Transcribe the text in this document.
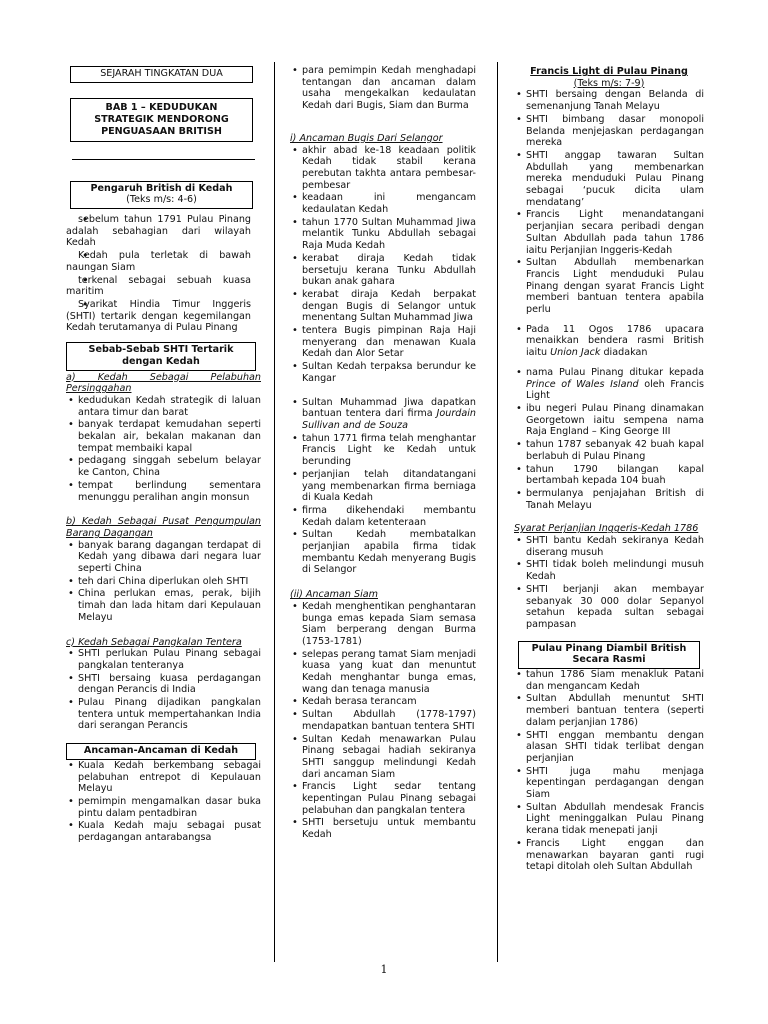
SEJARAH TINGKATAN DUA
BAB 1 – KEDUDUKAN STRATEGIK MENDORONG PENGUASAAN BRITISH
Pengaruh British di Kedah
(Teks m/s: 4-6)
• sebelum tahun 1791 Pulau Pinang adalah sebahagian dari wilayah Kedah
• Kedah pula terletak di bawah naungan Siam
• terkenal sebagai sebuah kuasa maritim
• Syarikat Hindia Timur Inggeris (SHTI) tertarik dengan kegemilangan Kedah terutamanya di Pulau Pinang
Sebab-Sebab SHTI Tertarik dengan Kedah
a) Kedah Sebagai Pelabuhan Persinggahan
• kedudukan Kedah strategik di laluan antara timur dan barat
• banyak terdapat kemudahan seperti bekalan air, bekalan makanan dan tempat membaiki kapal
• pedagang singgah sebelum belayar ke Canton, China
• tempat berlindung sementara menunggu peralihan angin monsun
b) Kedah Sebagai Pusat Pengumpulan Barang Dagangan
• banyak barang dagangan terdapat di Kedah yang dibawa dari negara luar seperti China
• teh dari China diperlukan oleh SHTI
• China perlukan emas, perak, bijih timah dan lada hitam dari Kepulauan Melayu
c) Kedah Sebagai Pangkalan Tentera
• SHTI perlukan Pulau Pinang sebagai pangkalan tenteranya
• SHTI bersaing kuasa perdagangan dengan Perancis di India
• Pulau Pinang dijadikan pangkalan tentera untuk mempertahankan India dari serangan Perancis
Ancaman-Ancaman di Kedah
• Kuala Kedah berkembang sebagai pelabuhan entrepot di Kepulauan Melayu
• pemimpin mengamalkan dasar buka pintu dalam pentadbiran
• Kuala Kedah maju sebagai pusat perdagangan antarabangsa
• para pemimpin Kedah menghadapi tentangan dan ancaman dalam usaha mengekalkan kedaulatan Kedah dari Bugis, Siam dan Burma
i) Ancaman Bugis Dari Selangor
• akhir abad ke-18 keadaan politik Kedah tidak stabil kerana perebutan takhta antara pembesar-pembesar
• keadaan ini mengancam kedaulatan Kedah
• tahun 1770 Sultan Muhammad Jiwa melantik Tunku Abdullah sebagai Raja Muda Kedah
• kerabat diraja Kedah tidak bersetuju kerana Tunku Abdullah bukan anak gahara
• kerabat diraja Kedah berpakat dengan Bugis di Selangor untuk menentang Sultan Muhammad Jiwa
• tentera Bugis pimpinan Raja Haji menyerang dan menawan Kuala Kedah dan Alor Setar
• Sultan Kedah terpaksa berundur ke Kangar
• Sultan Muhammad Jiwa dapatkan bantuan tentera dari firma Jourdain Sullivan and de Souza
• tahun 1771 firma telah menghantar Francis Light ke Kedah untuk berunding
• perjanjian telah ditandatangani yang membenarkan firma berniaga di Kuala Kedah
• firma dikehendaki membantu Kedah dalam ketenteraan
• Sultan Kedah membatalkan perjanjian apabila firma tidak membantu Kedah menyerang Bugis di Selangor
(ii) Ancaman Siam
• Kedah menghentikan penghantaran bunga emas kepada Siam semasa Siam berperang dengan Burma (1753-1781)
• selepas perang tamat Siam menjadi kuasa yang kuat dan menuntut Kedah menghantar bunga emas, wang dan tenaga manusia
• Kedah berasa terancam
• Sultan Abdullah (1778-1797) mendapatkan bantuan tentera SHTI
• Sultan Kedah menawarkan Pulau Pinang sebagai hadiah sekiranya SHTI sanggup melindungi Kedah dari ancaman Siam
• Francis Light sedar tentang kepentingan Pulau Pinang sebagai pelabuhan dan pangkalan tentera
• SHTI bersetuju untuk membantu Kedah
Francis Light di Pulau Pinang
(Teks m/s: 7-9)
• SHTI bersaing dengan Belanda di semenanjung Tanah Melayu
• SHTI bimbang dasar monopoli Belanda menjejaskan perdagangan mereka
• SHTI anggap tawaran Sultan Abdullah yang membenarkan mereka menduduki Pulau Pinang sebagai ‘pucuk dicita ulam mendatang’
• Francis Light menandatangani perjanjian secara peribadi dengan Sultan Abdullah pada tahun 1786 iaitu Perjanjian Inggeris-Kedah
• Sultan Abdullah membenarkan Francis Light menduduki Pulau Pinang dengan syarat Francis Light memberi bantuan tentera apabila perlu
• Pada 11 Ogos 1786 upacara menaikkan bendera rasmi British iaitu Union Jack diadakan
• nama Pulau Pinang ditukar kepada Prince of Wales Island oleh Francis Light
• ibu negeri Pulau Pinang dinamakan Georgetown iaitu sempena nama Raja England – King George III
• tahun 1787 sebanyak 42 buah kapal berlabuh di Pulau Pinang
• tahun 1790 bilangan kapal bertambah kepada 104 buah
• bermulanya penjajahan British di Tanah Melayu
Syarat Perjanjian Inggeris-Kedah 1786
• SHTI bantu Kedah sekiranya Kedah diserang musuh
• SHTI tidak boleh melindungi musuh Kedah
• SHTI berjanji akan membayar sebanyak 30 000 dolar Sepanyol setahun kepada sultan sebagai pampasan
Pulau Pinang Diambil British Secara Rasmi
• tahun 1786 Siam menakluk Patani dan mengancam Kedah
• Sultan Abdullah menuntut SHTI memberi bantuan tentera (seperti dalam perjanjian 1786)
• SHTI enggan membantu dengan alasan SHTI tidak terlibat dengan perjanjian
• SHTI juga mahu menjaga kepentingan perdagangan dengan Siam
• Sultan Abdullah mendesak Francis Light meninggalkan Pulau Pinang kerana tidak menepati janji
• Francis Light enggan dan menawarkan bayaran ganti rugi tetapi ditolah oleh Sultan Abdullah
1
